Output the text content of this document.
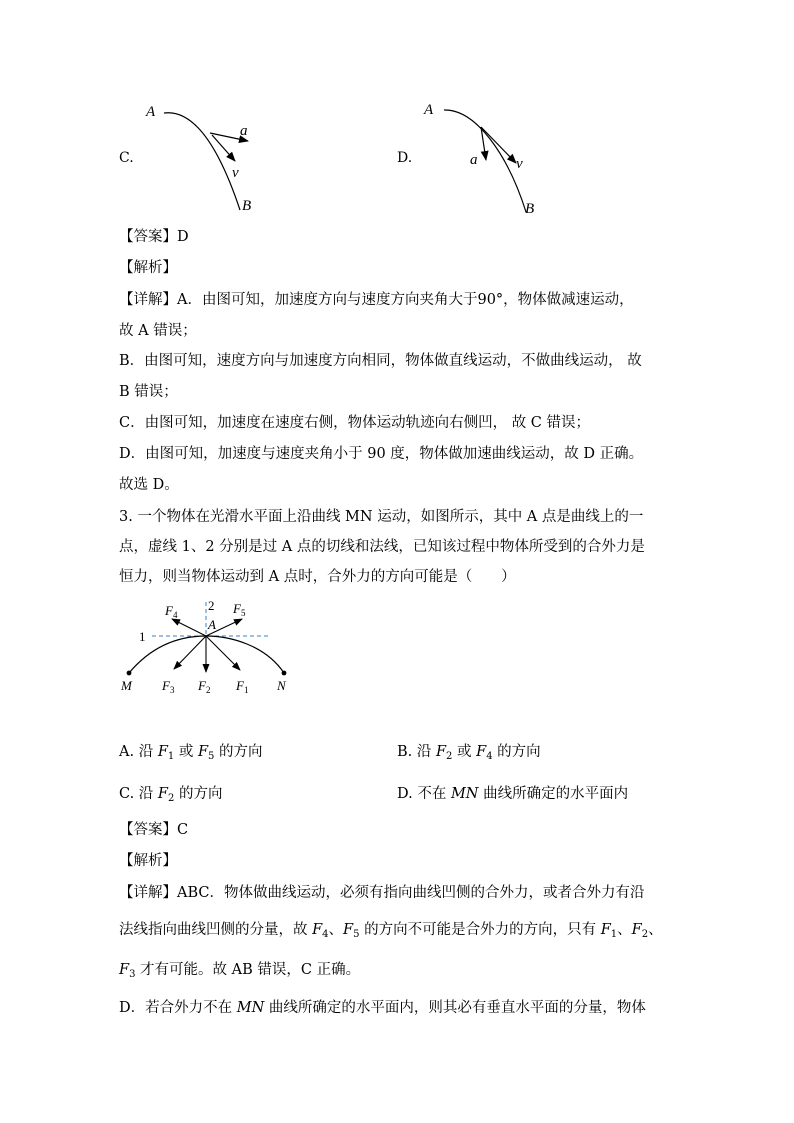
C.
A
a
v
B
D.
A
a	v
B
【答案】D
【解析】
【详解】A．由图可知，加速度方向与速度方向夹角大于90°，物体做减速运动，
故 A 错误；
B．由图可知，速度方向与加速度方向相同，物体做直线运动，不做曲线运动， 故
B 错误；
C．由图可知，加速度在速度右侧，物体运动轨迹向右侧凹， 故 C 错误；
D．由图可知，加速度与速度夹角小于 90 度，物体做加速曲线运动，故 D 正确。
故选 D。
3. 一个物体在光滑水平面上沿曲线 MN 运动，如图所示，其中 A 点是曲线上的一
点，虚线 1、2 分别是过 A 点的切线和法线，已知该过程中物体所受到的合外力是
恒力，则当物体运动到 A 点时，合外力的方向可能是（　　）
1
2
A
M	N
$F_4$	$F_5$
$F_3$ $F_2$ $F_1$
A. 沿 $F_1$ 或 $F_5$ 的方向	B. 沿 $F_2$ 或 $F_4$ 的方向
C. 沿 $F_2$ 的方向	D. 不在 MN 曲线所确定的水平面内
【答案】C
【解析】
【详解】ABC．物体做曲线运动，必须有指向曲线凹侧的合外力，或者合外力有沿
法线指向曲线凹侧的分量，故 $F_4$、$F_5$ 的方向不可能是合外力的方向，只有 $F_1$、$F_2$、
$F_3$ 才有可能。故 AB 错误，C 正确。
D．若合外力不在 MN 曲线所确定的水平面内，则其必有垂直水平面的分量，物体
